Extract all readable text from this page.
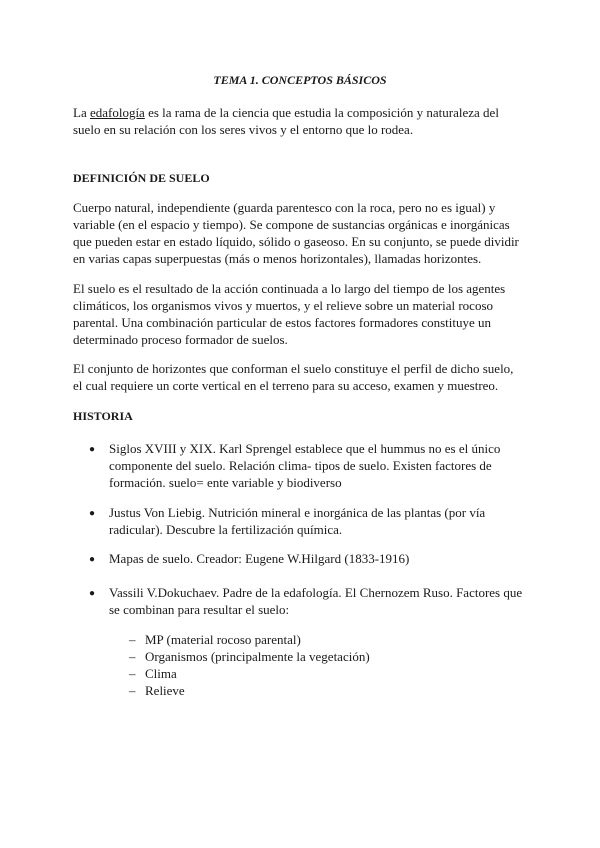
TEMA 1. CONCEPTOS BÁSICOS

La edafología es la rama de la ciencia que estudia la composición y naturaleza del
suelo en su relación con los seres vivos y el entorno que lo rodea.

DEFINICIÓN DE SUELO

Cuerpo natural, independiente (guarda parentesco con la roca, pero no es igual) y
variable (en el espacio y tiempo). Se compone de sustancias orgánicas e inorgánicas
que pueden estar en estado líquido, sólido o gaseoso. En su conjunto, se puede dividir
en varias capas superpuestas (más o menos horizontales), llamadas horizontes.

El suelo es el resultado de la acción continuada a lo largo del tiempo de los agentes
climáticos, los organismos vivos y muertos, y el relieve sobre un material rocoso
parental. Una combinación particular de estos factores formadores constituye un
determinado proceso formador de suelos.

El conjunto de horizontes que conforman el suelo constituye el perfil de dicho suelo,
el cual requiere un corte vertical en el terreno para su acceso, examen y muestreo.

HISTORIA
● Siglos XVIII y XIX. Karl Sprengel establece que el hummus no es el único
componente del suelo. Relación clima- tipos de suelo. Existen factores de
formación. suelo= ente variable y biodiverso

● Justus Von Liebig. Nutrición mineral e inorgánica de las plantas (por vía
radicular). Descubre la fertilización química.

● Mapas de suelo. Creador: Eugene W.Hilgard (1833-1916)

● Vassili V.Dokuchaev. Padre de la edafología. El Chernozem Ruso. Factores que
se combinan para resultar el suelo:

– MP (material rocoso parental)

– Organismos (principalmente la vegetación)

– Clima

– Relieve
